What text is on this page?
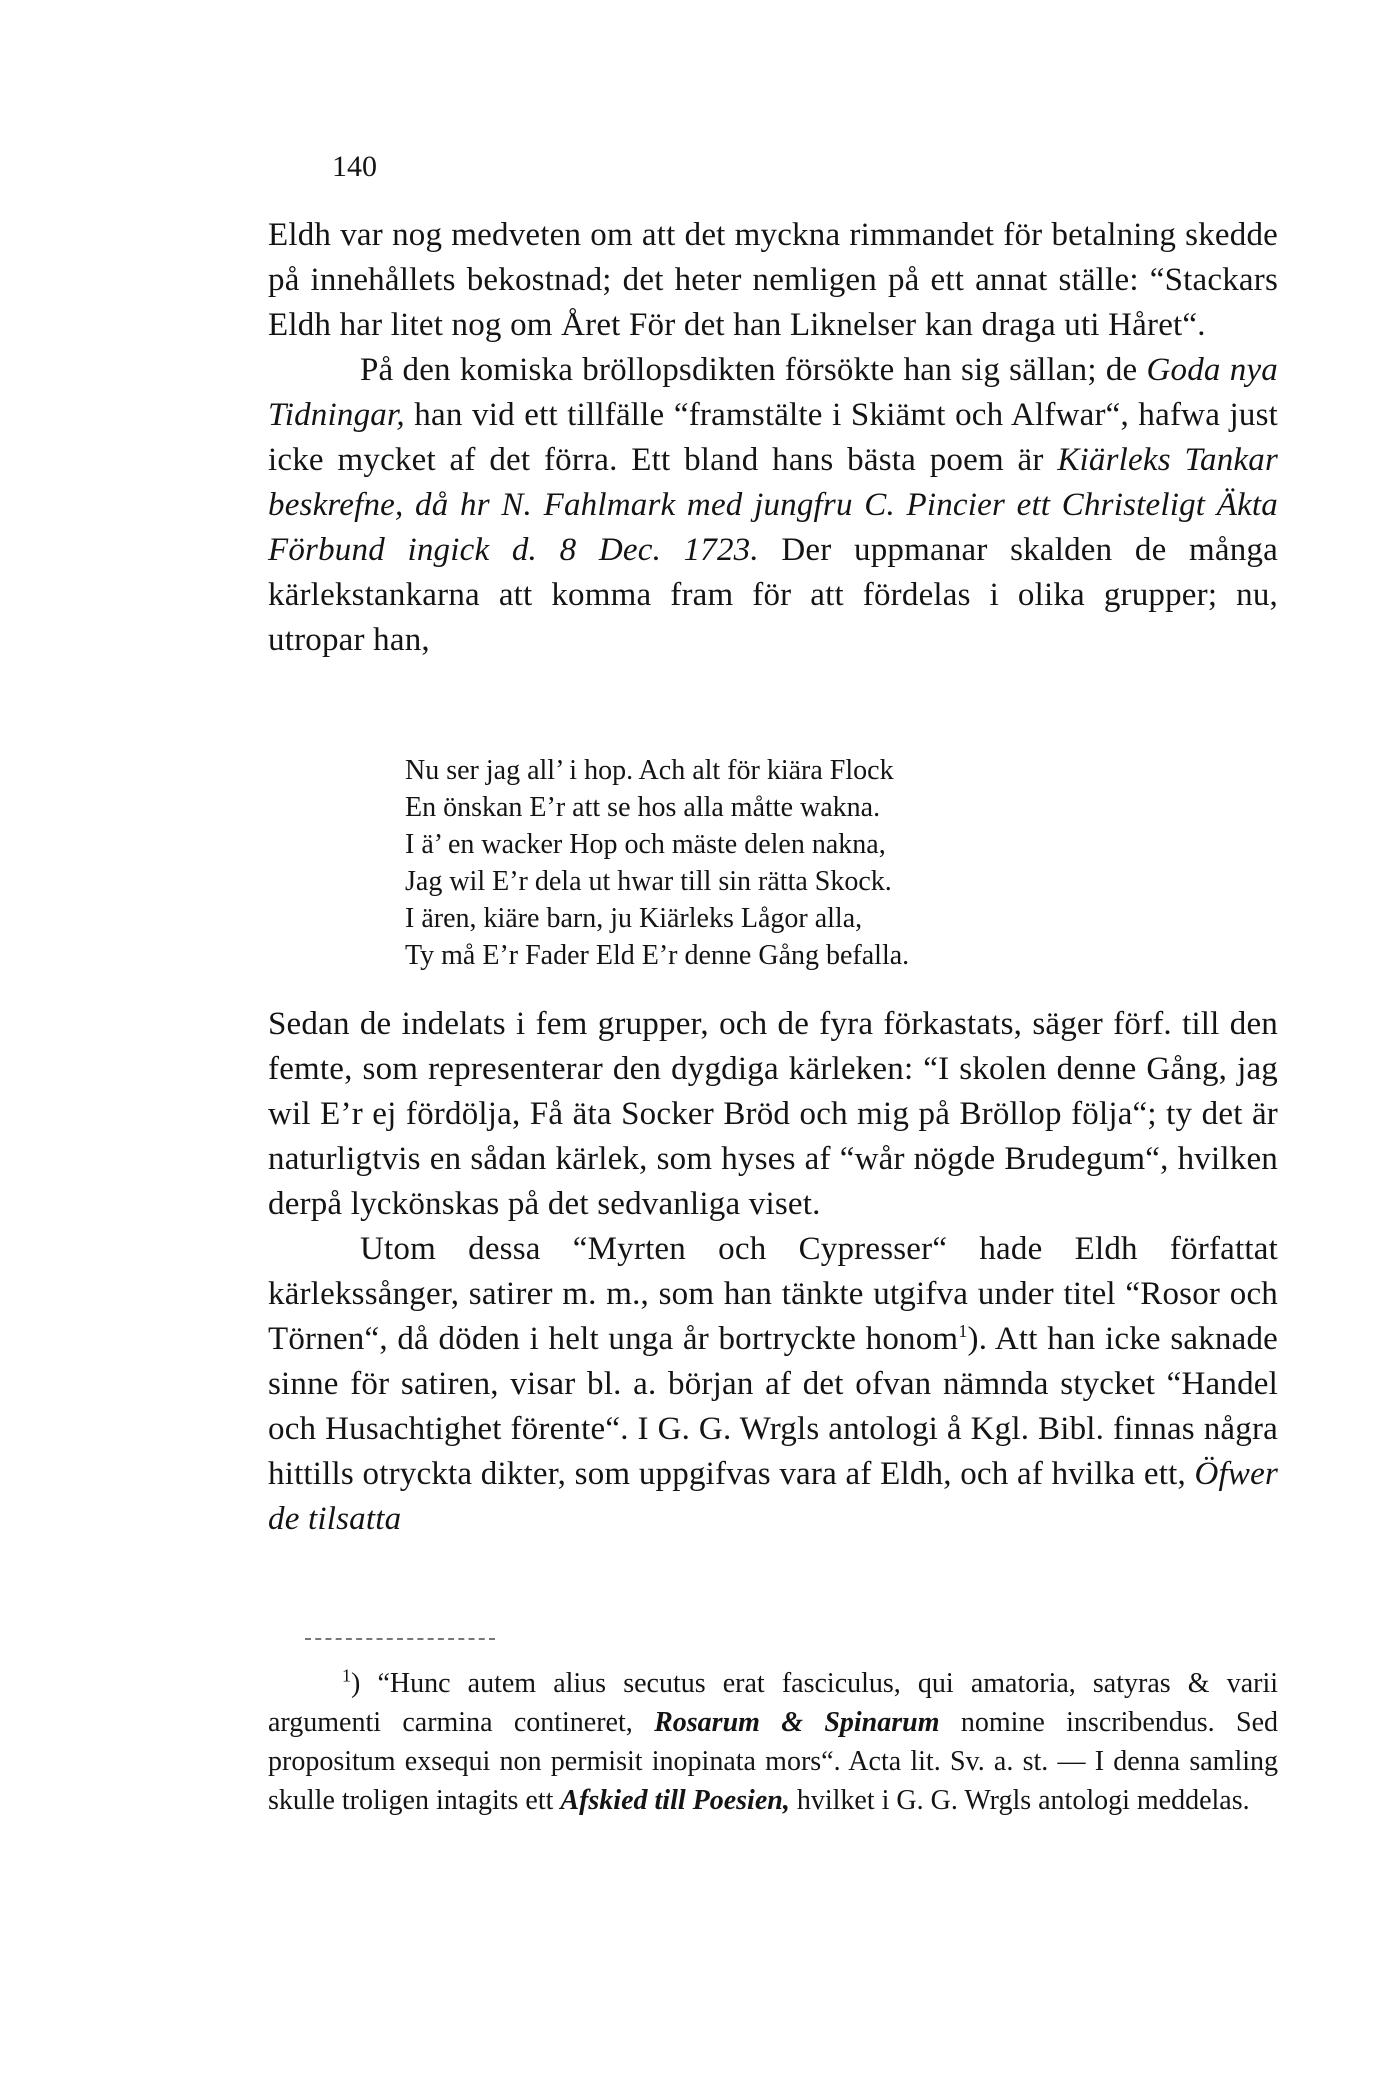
140

Eldh var nog medveten om att det myckna rimmandet för betalning skedde på innehållets bekostnad; det heter nemligen på ett annat ställe: “Stackars Eldh har litet nog om Året För det han Liknelser kan draga uti Håret“.

På den komiska bröllopsdikten försökte han sig sällan; de Goda nya Tidningar, han vid ett tillfälle “framstälte i Skiämt och Alfwar“, hafwa just icke mycket af det förra. Ett bland hans bästa poem är Kiärleks Tankar beskrefne, då hr N. Fahlmark med jungfru C. Pincier ett Christeligt Äkta Förbund ingick d. 8 Dec. 1723. Der uppmanar skalden de många kärlekstankarna att komma fram för att fördelas i olika grupper; nu, utropar han,

Nu ser jag all’ i hop. Ach alt för kiära Flock
En önskan E’r att se hos alla måtte wakna.
I ä’ en wacker Hop och mäste delen nakna,
Jag wil E’r dela ut hwar till sin rätta Skock.
I ären, kiäre barn, ju Kiärleks Lågor alla,
Ty må E’r Fader Eld E’r denne Gång befalla.

Sedan de indelats i fem grupper, och de fyra förkastats, säger förf. till den femte, som representerar den dygdiga kärleken: “I skolen denne Gång, jag wil E’r ej fördölja, Få äta Socker Bröd och mig på Bröllop följa“; ty det är naturligtvis en sådan kärlek, som hyses af “wår nögde Brudegum“, hvilken derpå lyckönskas på det sedvanliga viset.

Utom dessa “Myrten och Cypresser“ hade Eldh författat kärlekssånger, satirer m. m., som han tänkte utgifva under titel “Rosor och Törnen“, då döden i helt unga år bortryckte honom$^1$). Att han icke saknade sinne för satiren, visar bl. a. början af det ofvan nämnda stycket “Handel och Husachtighet förente“. I G. G. Wrgls antologi å Kgl. Bibl. finnas några hittills otryckta dikter, som uppgifvas vara af Eldh, och af hvilka ett, Öfwer de tilsatta

$^1$) “Hunc autem alius secutus erat fasciculus, qui amatoria, satyras & varii argumenti carmina contineret, Rosarum & Spinarum nomine inscribendus. Sed propositum exsequi non permisit inopinata mors“. Acta lit. Sv. a. st. — I denna samling skulle troligen intagits ett Afskied till Poesien, hvilket i G. G. Wrgls antologi meddelas.
